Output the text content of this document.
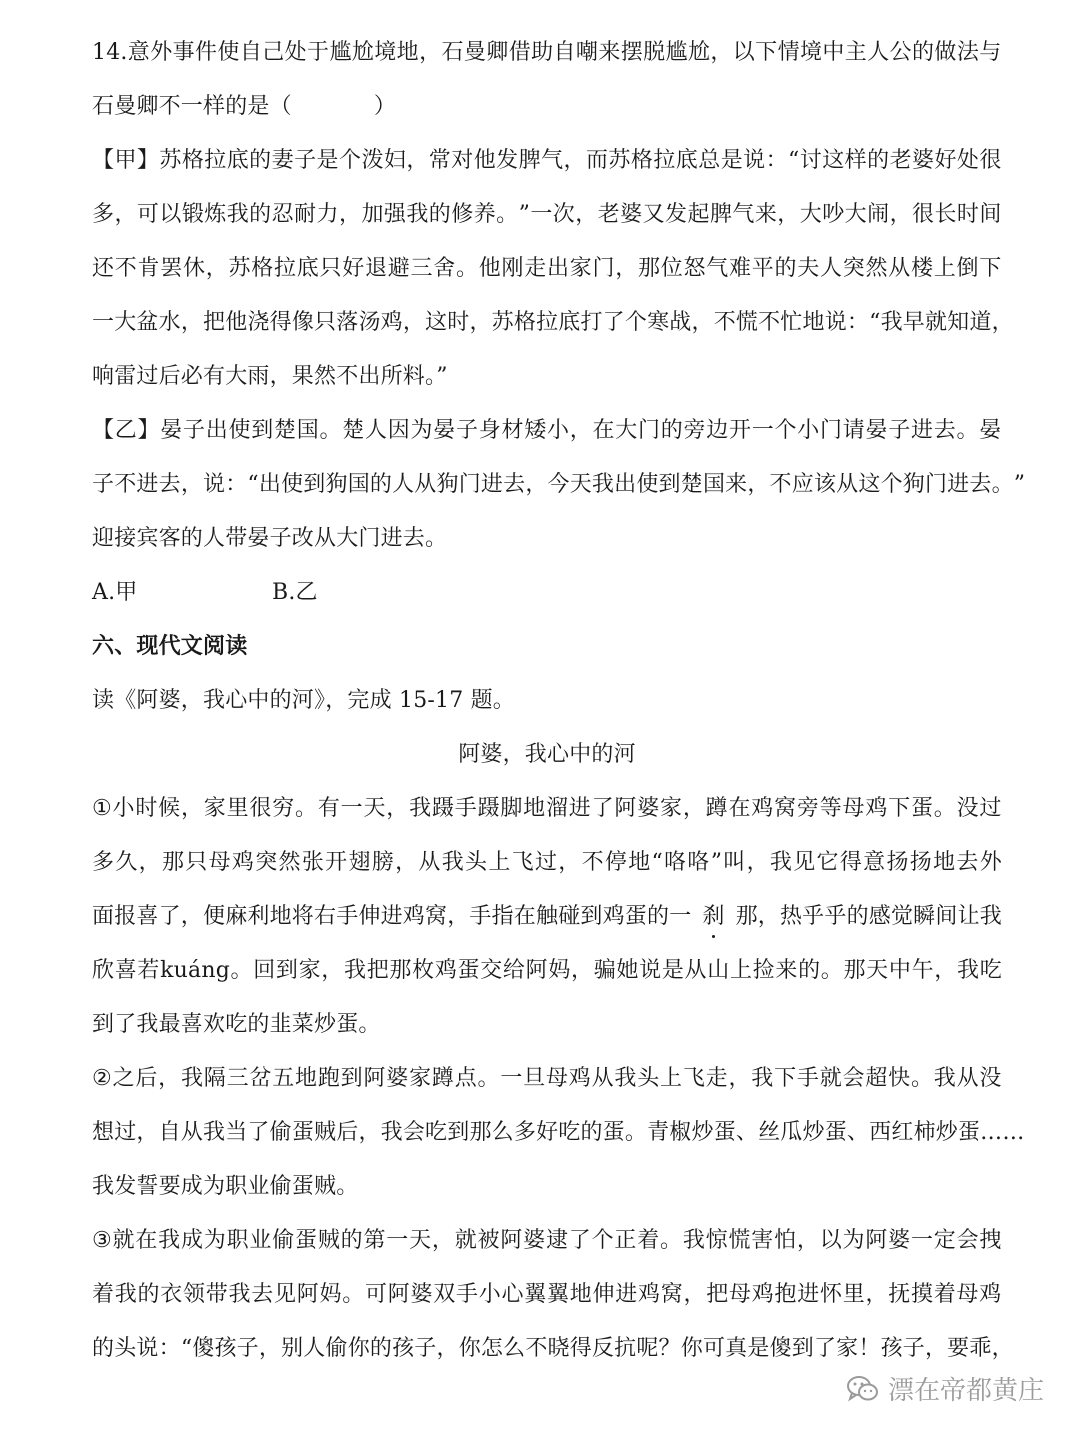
14. 意 外 事 件 使 自 己 处 于 尴 尬 境 地 ， 石 曼 卿 借 助 自 嘲 来 摆 脱 尴 尬 ， 以 下 情 境 中 主 人 公 的 做 法 与
石曼卿不一样的是（	）
【 甲 】 苏 格 拉 底 的 妻 子 是 个 泼 妇 ， 常 对 他 发 脾 气 ， 而 苏 格 拉 底 总 是 说 ： “ 讨 这 样 的 老 婆 好 处 很
多 ， 可 以 锻 炼 我 的 忍 耐 力 ， 加 强 我 的 修 养 。 ” 一 次 ， 老 婆 又 发 起 脾 气 来 ， 大 吵 大 闹 ， 很 长 时 间
还 不 肯 罢 休 ， 苏 格 拉 底 只 好 退 避 三 舍 。 他 刚 走 出 家 门 ， 那 位 怒 气 难 平 的 夫 人 突 然 从 楼 上 倒 下
一 大 盆 水 ， 把 他 浇 得 像 只 落 汤 鸡 ， 这 时 ， 苏 格 拉 底 打 了 个 寒 战 ， 不 慌 不 忙 地 说 ： “ 我 早 就 知 道 ，
响雷过后必有大雨，果然不出所料。”
【 乙 】 晏 子 出 使 到 楚 国 。 楚 人 因 为 晏 子 身 材 矮 小 ， 在 大 门 的 旁 边 开 一 个 小 门 请 晏 子 进 去 。 晏
子 不 进 去 ， 说 ： “ 出 使 到 狗 国 的 人 从 狗 门 进 去 ， 今 天 我 出 使 到 楚 国 来 ， 不 应 该 从 这 个 狗 门 进 去 。 ”
迎接宾客的人带晏子改从大门进去。
A.甲	B.乙
六、现代文阅读
读《阿婆，我心中的河》，完成 15-17 题。
阿婆，我心中的河
① 小 时 候 ， 家 里 很 穷 。 有 一 天 ， 我 蹑 手 蹑 脚 地 溜 进 了 阿 婆 家 ， 蹲 在 鸡 窝 旁 等 母 鸡 下 蛋 。 没 过
多 久 ， 那 只 母 鸡 突 然 张 开 翅 膀 ， 从 我 头 上 飞 过 ， 不 停 地 “ 咯 咯 ” 叫 ， 我 见 它 得 意 扬 扬 地 去 外
面报喜了，便麻利地将右手伸进鸡窝，手指在触碰到鸡蛋的一 刹 那，热乎乎的感觉瞬间让我
欣 喜 若 kuáng 。 回 到 家 ， 我 把 那 枚 鸡 蛋 交 给 阿 妈 ， 骗 她 说 是 从 山 上 捡 来 的 。 那 天 中 午 ， 我 吃
到了我最喜欢吃的韭菜炒蛋。
② 之 后 ， 我 隔 三 岔 五 地 跑 到 阿 婆 家 蹲 点 。 一 旦 母 鸡 从 我 头 上 飞 走 ， 我 下 手 就 会 超 快 。 我 从 没
想 过 ， 自 从 我 当 了 偷 蛋 贼 后 ， 我 会 吃 到 那 么 多 好 吃 的 蛋 。 青 椒 炒 蛋 、 丝 瓜 炒 蛋 、 西 红 柿 炒 蛋 … …
我发誓要成为职业偷蛋贼。
③ 就 在 我 成 为 职 业 偷 蛋 贼 的 第 一 天 ， 就 被 阿 婆 逮 了 个 正 着 。 我 惊 慌 害 怕 ， 以 为 阿 婆 一 定 会 拽
着 我 的 衣 领 带 我 去 见 阿 妈 。 可 阿 婆 双 手 小 心 翼 翼 地 伸 进 鸡 窝 ， 把 母 鸡 抱 进 怀 里 ， 抚 摸 着 母 鸡
的 头 说 ： “ 傻 孩 子 ， 别 人 偷 你 的 孩 子 ， 你 怎 么 不 晓 得 反 抗 呢 ？ 你 可 真 是 傻 到 了 家 ！ 孩 子 ， 要 乖 ，
漂在帝都黄庄
